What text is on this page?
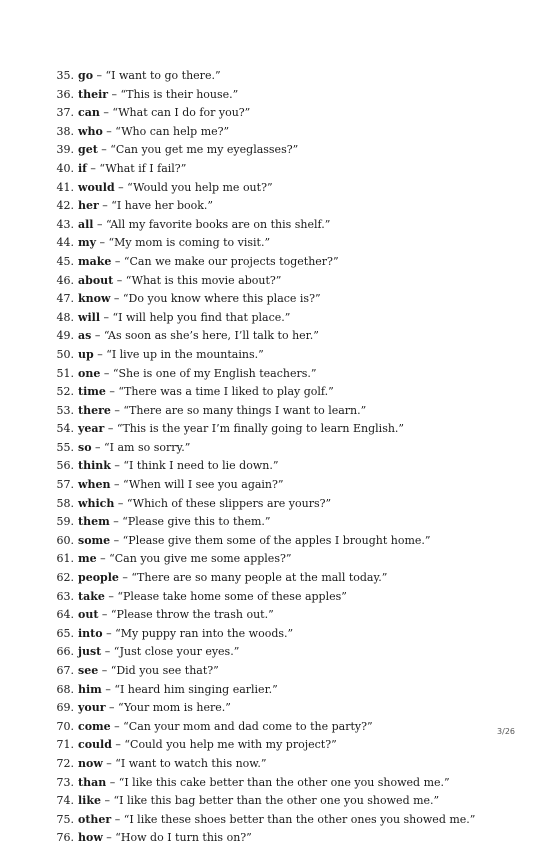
35. go – “I want to go there.”
36. their – “This is their house.”
37. can – “What can I do for you?”
38. who – “Who can help me?”
39. get – “Can you get me my eyeglasses?”
40. if – “What if I fail?”
41. would – “Would you help me out?”
42. her – “I have her book.”
43. all – “All my favorite books are on this shelf.”
44. my – “My mom is coming to visit.”
45. make – “Can we make our projects together?”
46. about – “What is this movie about?”
47. know – “Do you know where this place is?”
48. will – “I will help you find that place.”
49. as – “As soon as she’s here, I’ll talk to her.”
50. up – “I live up in the mountains.”
51. one – “She is one of my English teachers.”
52. time – “There was a time I liked to play golf.”
53. there – “There are so many things I want to learn.”
54. year – “This is the year I’m finally going to learn English.”
55. so – “I am so sorry.”
56. think – “I think I need to lie down.”
57. when – “When will I see you again?”
58. which – “Which of these slippers are yours?”
59. them – “Please give this to them.”
60. some – “Please give them some of the apples I brought home.”
61. me – “Can you give me some apples?”
62. people – “There are so many people at the mall today.”
63. take – “Please take home some of these apples”
64. out – “Please throw the trash out.”
65. into – “My puppy ran into the woods.”
66. just – “Just close your eyes.”
67. see – “Did you see that?”
68. him – “I heard him singing earlier.”
69. your – “Your mom is here.”
70. come – “Can your mom and dad come to the party?”
71. could – “Could you help me with my project?”
72. now – “I want to watch this now.”
73. than – “I like this cake better than the other one you showed me.”
74. like – “I like this bag better than the other one you showed me.”
75. other – “I like these shoes better than the other ones you showed me.”
76. how – “How do I turn this on?”
3/26
